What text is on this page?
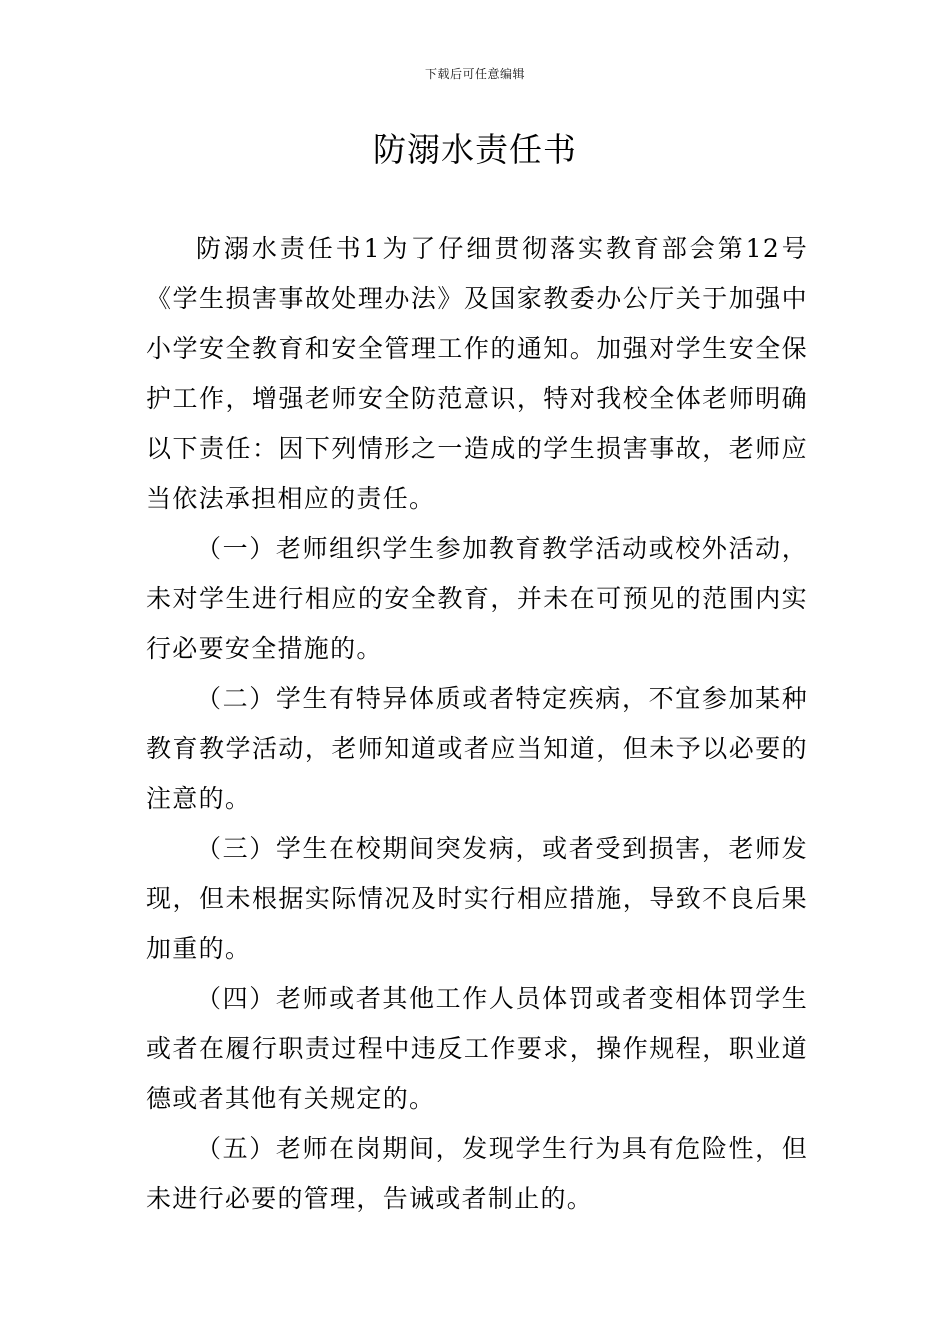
下载后可任意编辑
防溺水责任书

防溺水责任书1为了仔细贯彻落实教育部会第12号《学生损害事故处理办法》及国家教委办公厅关于加强中小学安全教育和安全管理工作的通知。加强对学生安全保护工作，增强老师安全防范意识，特对我校全体老师明确以下责任：因下列情形之一造成的学生损害事故，老师应当依法承担相应的责任。

（一）老师组织学生参加教育教学活动或校外活动，未对学生进行相应的安全教育，并未在可预见的范围内实行必要安全措施的。

（二）学生有特异体质或者特定疾病，不宜参加某种教育教学活动，老师知道或者应当知道，但未予以必要的注意的。

（三）学生在校期间突发病，或者受到损害，老师发现，但未根据实际情况及时实行相应措施，导致不良后果加重的。

（四）老师或者其他工作人员体罚或者变相体罚学生或者在履行职责过程中违反工作要求，操作规程，职业道德或者其他有关规定的。

（五）老师在岗期间，发现学生行为具有危险性，但未进行必要的管理，告诫或者制止的。
